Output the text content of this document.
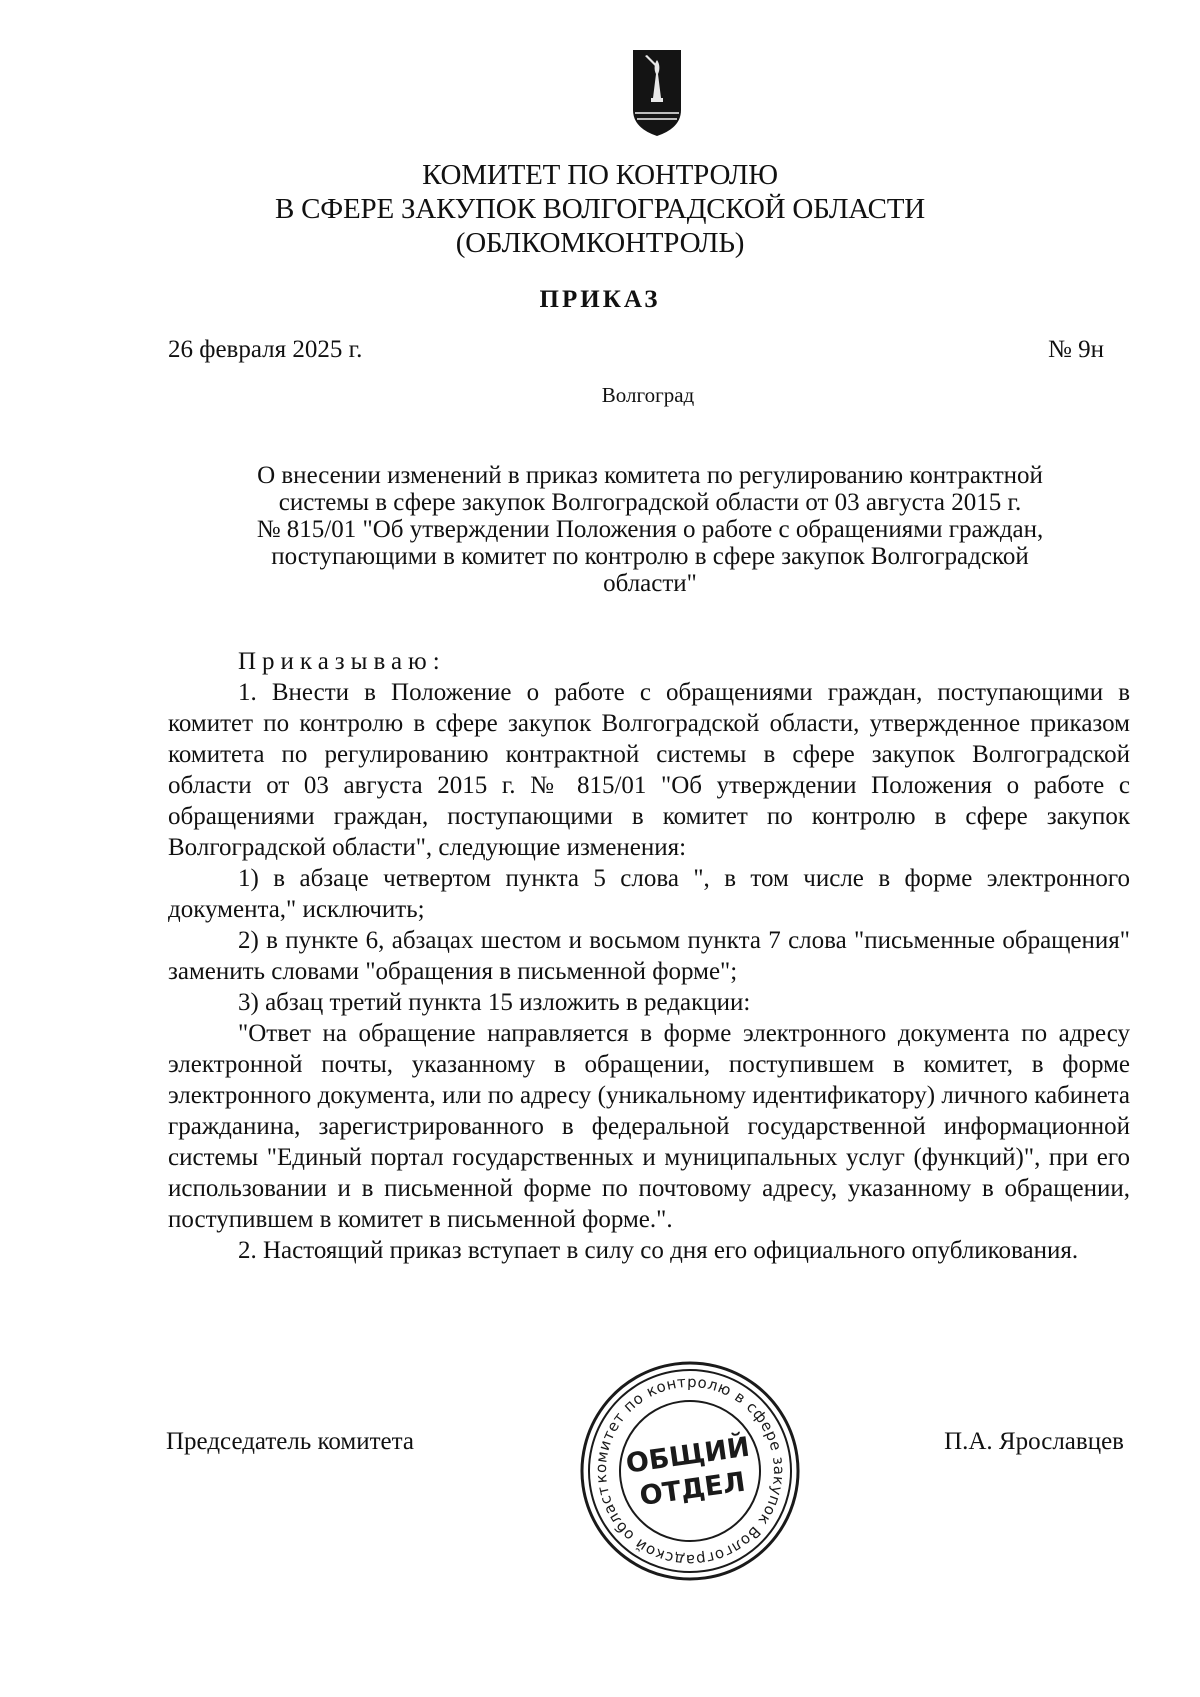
КОМИТЕТ ПО КОНТРОЛЮ
В СФЕРЕ ЗАКУПОК ВОЛГОГРАДСКОЙ ОБЛАСТИ
(ОБЛКОМКОНТРОЛЬ)
ПРИКАЗ
26 февраля 2025 г.	№ 9н
Волгоград
О внесении изменений в приказ комитета по регулированию контрактной
системы в сфере закупок Волгоградской области от 03 августа 2015 г.
№ 815/01 "Об утверждении Положения о работе с обращениями граждан,
поступающими в комитет по контролю в сфере закупок Волгоградской
области"

Приказываю:

1. Внести в Положение о работе с обращениями граждан, поступающими в комитет по контролю в сфере закупок Волгоградской области, утвержденное приказом комитета по регулированию контрактной системы в сфере закупок Волгоградской области от 03 августа 2015 г. № 815/01 "Об утверждении Положения о работе с обращениями граждан, поступающими в комитет по контролю в сфере закупок Волгоградской области", следующие изменения:

1) в абзаце четвертом пункта 5 слова ", в том числе в форме электронного документа," исключить;

2) в пункте 6, абзацах шестом и восьмом пункта 7 слова "письменные обращения" заменить словами "обращения в письменной форме";

3) абзац третий пункта 15 изложить в редакции:

"Ответ на обращение направляется в форме электронного документа по адресу электронной почты, указанному в обращении, поступившем в комитет, в форме электронного документа, или по адресу (уникальному идентификатору) личного кабинета гражданина, зарегистрированного в федеральной государственной информационной системы "Единый портал государственных и муниципальных услуг (функций)", при его использовании и в письменной форме по почтовому адресу, указанному в обращении, поступившем в комитет в письменной форме.".

2. Настоящий приказ вступает в силу со дня его официального опубликования.

Председатель комитета	П.А. Ярославцев
комитет по контролю в сфере закупок Волгоградской области
ОБЩИЙ
ОТДЕЛ
